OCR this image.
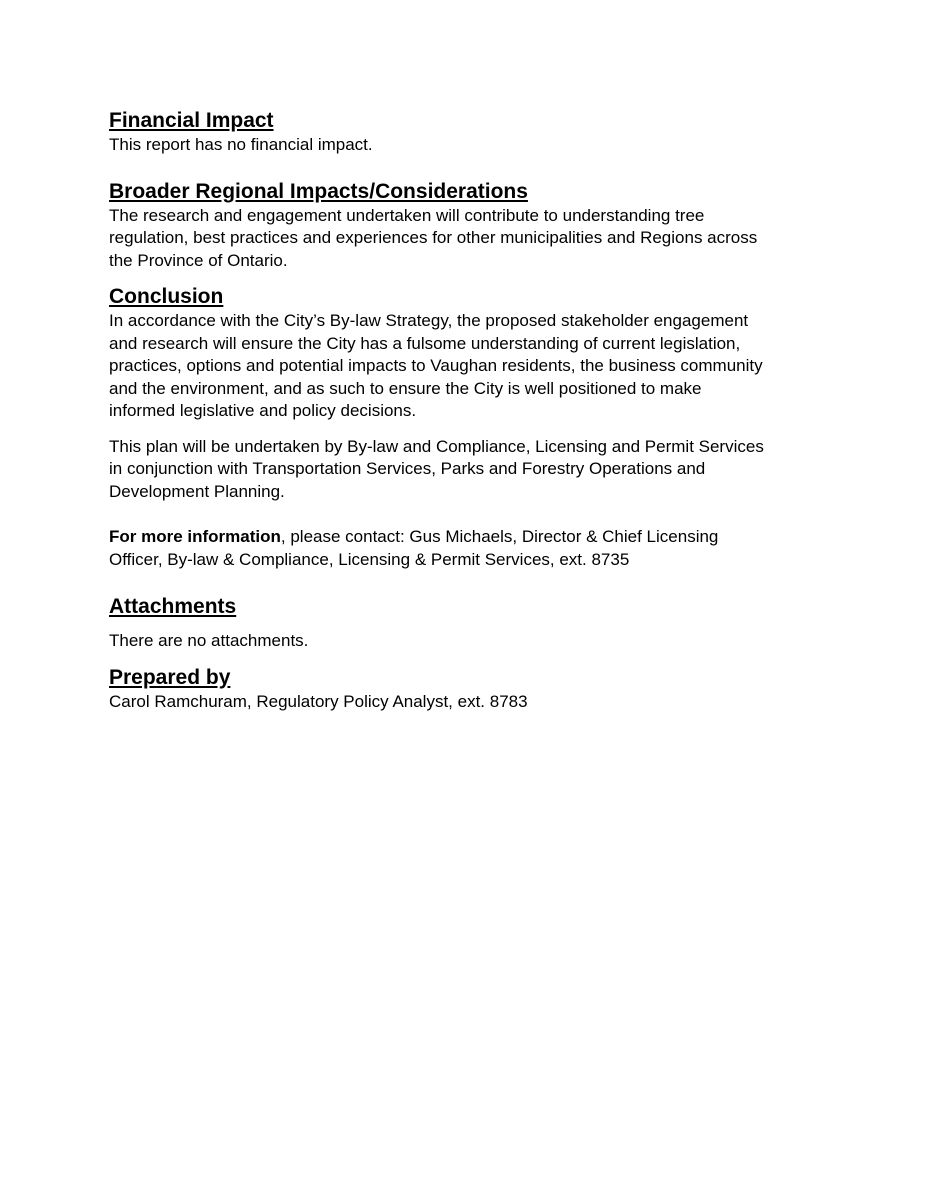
Financial Impact

This report has no financial impact.

Broader Regional Impacts/Considerations

The research and engagement undertaken will contribute to understanding tree
regulation, best practices and experiences for other municipalities and Regions across
the Province of Ontario.

Conclusion

In accordance with the City’s By-law Strategy, the proposed stakeholder engagement
and research will ensure the City has a fulsome understanding of current legislation,
practices, options and potential impacts to Vaughan residents, the business community
and the environment, and as such to ensure the City is well positioned to make
informed legislative and policy decisions.

This plan will be undertaken by By-law and Compliance, Licensing and Permit Services
in conjunction with Transportation Services, Parks and Forestry Operations and
Development Planning.

For more information, please contact: Gus Michaels, Director & Chief Licensing
Officer, By-law & Compliance, Licensing & Permit Services, ext. 8735

Attachments

There are no attachments.

Prepared by

Carol Ramchuram, Regulatory Policy Analyst, ext. 8783
